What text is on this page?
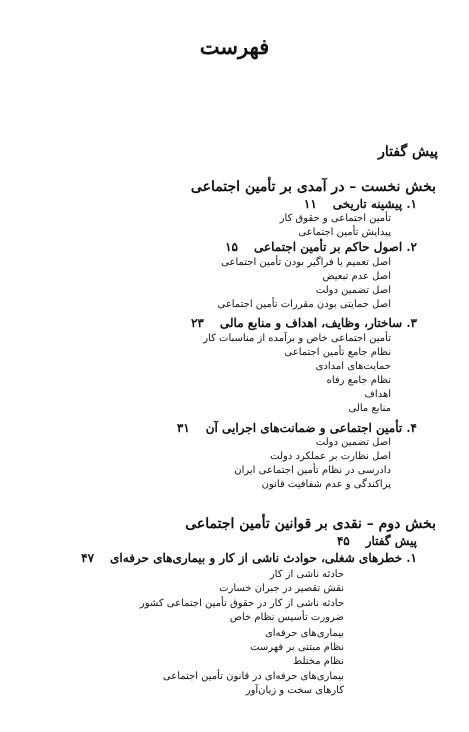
فهرست
پیش گفتار
بخش نخست – در آمدی بر تأمین اجتماعی
۱. پیشینه تاریخی۱۱
تأمین اجتماعی و حقوق کار
پیدایش تأمین اجتماعی
۲. اصول حاکم بر تأمین اجتماعی۱۵
اصل تعمیم یا فراگیر بودن تأمین اجتماعی
اصل عدم تبعیض
اصل تضمین دولت
اصل حمایتی بودن مقررات تأمین اجتماعی
۳. ساختار، وظایف، اهداف و منابع مالی۲۳
تأمین اجتماعی خاص و برآمده از مناسبات کار
نظام جامع تأمین اجتماعی
حمایت‌های امدادی
نظام جامع رفاه
اهداف
منابع مالی
۴. تأمین اجتماعی و ضمانت‌های اجرایی آن۳۱
اصل تضمین دولت
اصل نظارت بر عملکرد دولت
دادرسی در نظام تأمین اجتماعی ایران
پراکندگی و عدم شفافیت قانون
بخش دوم – نقدی بر قوانین تأمین اجتماعی
پیش گفتار۴۵
۱. خطرهای شغلی، حوادث ناشی از کار و بیماری‌های حرفه‌ای۴۷
حادثه ناشی از کار
نقش تقصیر در جبران خسارت
حادثه ناشی از کار در حقوق تأمین اجتماعی کشور
ضرورت تأسیس نظام خاص
بیماری‌های حرفه‌ای
نظام مبتنی بر فهرست
نظام مختلط
بیماری‌های حرفه‌ای در قانون تأمین اجتماعی
کارهای سخت و زیان‌آور
